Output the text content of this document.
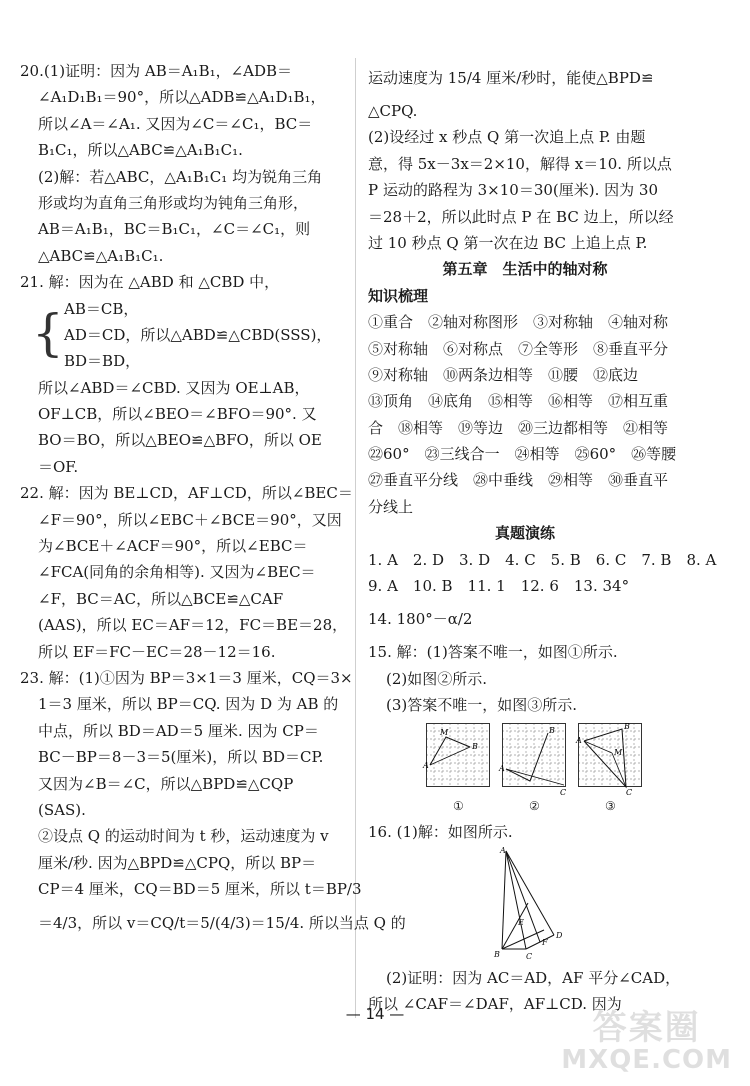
20.(1)证明：因为 AB＝A₁B₁，∠ADB＝
∠A₁D₁B₁＝90°，所以△ADB≌△A₁D₁B₁，
所以∠A＝∠A₁. 又因为∠C＝∠C₁，BC＝
B₁C₁，所以△ABC≌△A₁B₁C₁.
(2)解：若△ABC，△A₁B₁C₁ 均为锐角三角
形或均为直角三角形或均为钝角三角形，
AB＝A₁B₁，BC＝B₁C₁，∠C＝∠C₁，则
△ABC≌△A₁B₁C₁.
21. 解：因为在 △ABD 和 △CBD 中，
AB＝CB，
AD＝CD，所以△ABD≌△CBD(SSS)，
BD＝BD，
所以∠ABD＝∠CBD. 又因为 OE⊥AB，
OF⊥CB，所以∠BEO＝∠BFO＝90°. 又
BO＝BO，所以△BEO≌△BFO，所以 OE
＝OF.
22. 解：因为 BE⊥CD，AF⊥CD，所以∠BEC＝
∠F＝90°，所以∠EBC＋∠BCE＝90°，又因
为∠BCE＋∠ACF＝90°，所以∠EBC＝
∠FCA(同角的余角相等). 又因为∠BEC＝
∠F，BC＝AC，所以△BCE≌△CAF
(AAS)，所以 EC＝AF＝12，FC＝BE＝28，
所以 EF＝FC－EC＝28－12＝16.
23. 解：(1)①因为 BP＝3×1＝3 厘米，CQ＝3×
1＝3 厘米，所以 BP＝CQ. 因为 D 为 AB 的
中点，所以 BD＝AD＝5 厘米. 因为 CP＝
BC－BP＝8－3＝5(厘米)，所以 BD＝CP.
又因为∠B＝∠C，所以△BPD≌△CQP
(SAS).
②设点 Q 的运动时间为 t 秒，运动速度为 v
厘米/秒. 因为△BPD≌△CPQ，所以 BP＝
CP＝4 厘米，CQ＝BD＝5 厘米，所以 t＝BP/3
＝4/3，所以 v＝CQ/t＝5/(4/3)＝15/4. 所以当点 Q 的
{
运动速度为 15/4 厘米/秒时，能使△BPD≌
△CPQ.
(2)设经过 x 秒点 Q 第一次追上点 P. 由题
意，得 5x－3x＝2×10，解得 x＝10. 所以点
P 运动的路程为 3×10＝30(厘米). 因为 30
＝28＋2，所以此时点 P 在 BC 边上，所以经
过 10 秒点 Q 第一次在边 BC 上追上点 P.
第五章　生活中的轴对称
知识梳理
①重合　②轴对称图形　③对称轴　④轴对称
⑤对称轴　⑥对称点　⑦全等形　⑧垂直平分
⑨对称轴　⑩两条边相等　⑪腰　⑫底边
⑬顶角　⑭底角　⑮相等　⑯相等　⑰相互重
合　⑱相等　⑲等边　⑳三边都相等　㉑相等
㉒60°　㉓三线合一　㉔相等　㉕60°　㉖等腰
㉗垂直平分线　㉘中垂线　㉙相等　㉚垂直平
分线上
真题演练
1. A　2. D　3. D　4. C　5. B　6. C　7. B　8. A
9. A　10. B　11. 1　12. 6　13. 34°
14. 180°－α/2
15. 解：(1)答案不唯一，如图①所示.
(2)如图②所示.
(3)答案不唯一，如图③所示.
M
B
A
B
A
C
B
A
M
C
①	②	③
16. (1)解：如图所示.
A
B	C
D
E
F
(2)证明：因为 AC＝AD，AF 平分∠CAD，
所以 ∠CAF＝∠DAF，AF⊥CD. 因为
— 14 —	答案圈
MXQE.COM
